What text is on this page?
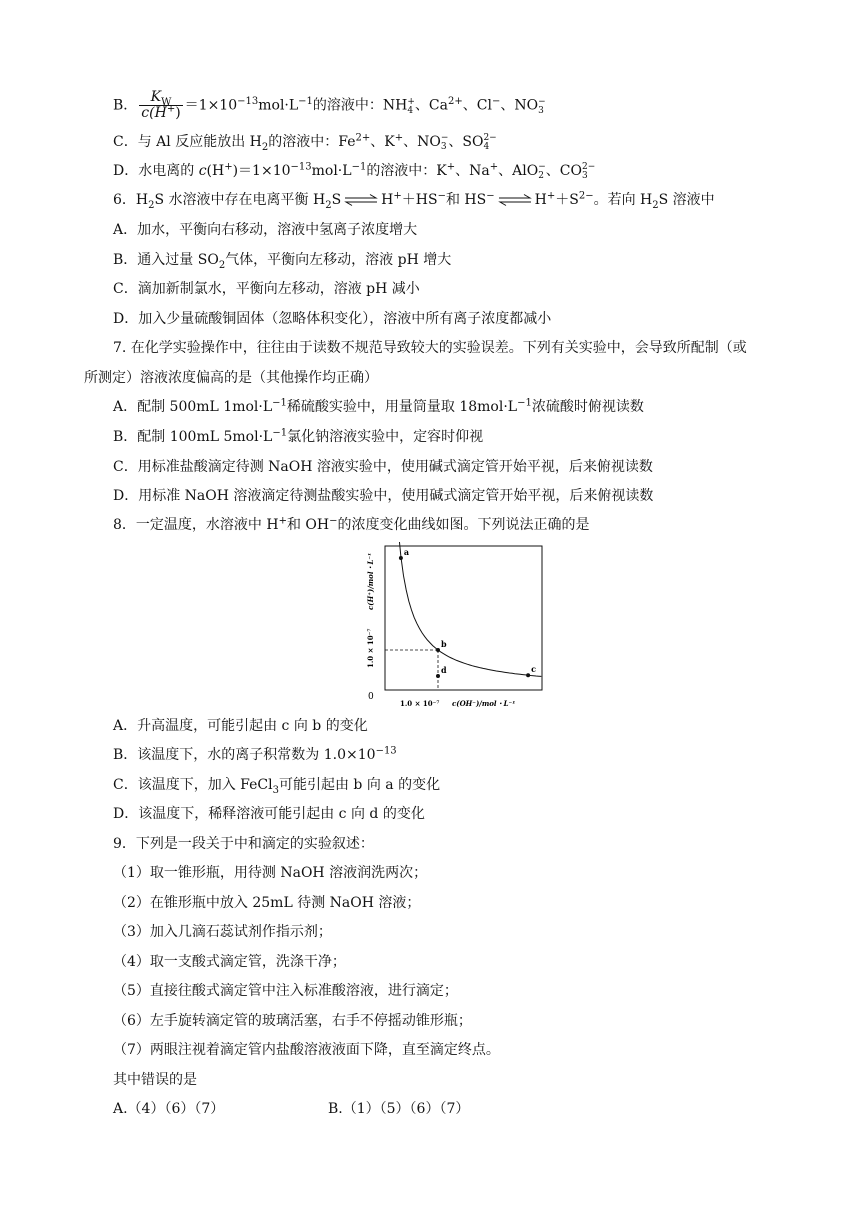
B． $\frac{K_W}{c(H^+)} =1\times 10^{-13}mol\cdot L^{-1}$的溶液中：NH +
4 、$Ca^{2+}$、Cl−、NO −
3
C．与 Al 反应能放出 $H_2$的溶液中：$Fe^{2+}$、K+、NO −
3 、SO 2−
4
D．水电离的 $c(H^+)=1\times 10^{-13}mol\cdot L^{-1}$的溶液中：K+、Na+、AlO −
2 、CO 2−
3
6．$H_2S$ 水溶液中存在电离平衡 $H_2S$ ⇌ H+＋HS−和 HS− ⇌ $H^++S^{2-}$。若向 $H_2S$ 溶液中
A．加水，平衡向右移动，溶液中氢离子浓度增大
B．通入过量 $SO_2$气体，平衡向左移动，溶液 pH 增大
C．滴加新制氯水，平衡向左移动，溶液 pH 减小
D．加入少量硫酸铜固体（忽略体积变化），溶液中所有离子浓度都减小
7. 在化学实验操作中，往往由于读数不规范导致较大的实验误差。下列有关实验中，会导致所配制（或
所测定）溶液浓度偏高的是（其他操作均正确）
A．配制 500mL $1mol\cdot L^{-1}$稀硫酸实验中，用量筒量取 $18mol\cdot L^{-1}$浓硫酸时俯视读数
B．配制 100mL $5mol\cdot L^{-1}$氯化钠溶液实验中，定容时仰视
C．用标准盐酸滴定待测 NaOH 溶液实验中，使用碱式滴定管开始平视，后来俯视读数
D．用标准 NaOH 溶液滴定待测盐酸实验中，使用碱式滴定管开始平视，后来俯视读数
8．一定温度，水溶液中 H+和 OH−的浓度变化曲线如图。下列说法正确的是
a
b
c
d
0
1.0 × 10⁻⁷ c(OH⁻)/mol・L⁻¹
1.0 × 10⁻⁷
c(H⁺)/mol・L⁻¹
A．升高温度，可能引起由 c 向 b 的变化
B．该温度下，水的离子积常数为 $1.0\times 10^{-13}$
C．该温度下，加入 FeCl$_3$可能引起由 b 向 a 的变化
D．该温度下，稀释溶液可能引起由 c 向 d 的变化
9．下列是一段关于中和滴定的实验叙述：
（1）取一锥形瓶，用待测 NaOH 溶液润洗两次；
（2）在锥形瓶中放入 25mL 待测 NaOH 溶液；
（3）加入几滴石蕊试剂作指示剂；
（4）取一支酸式滴定管，洗涤干净；
（5）直接往酸式滴定管中注入标准酸溶液，进行滴定；
（6）左手旋转滴定管的玻璃活塞，右手不停摇动锥形瓶；
（7）两眼注视着滴定管内盐酸溶液液面下降，直至滴定终点。
其中错误的是
A.（4）（6）（7）	B.（1）（5）（6）（7）
